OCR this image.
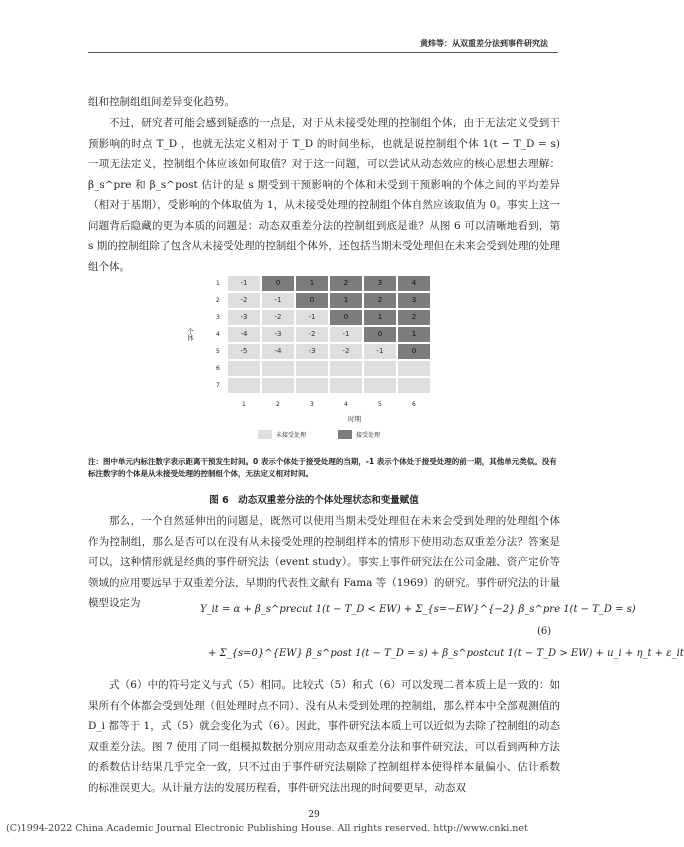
黄炜等：从双重差分法到事件研究法

组和控制组组间差异变化趋势。

不过，研究者可能会感到疑惑的一点是，对于从未接受处理的控制组个体，由于无法定义受到干预影响的时点 T_D ，也就无法定义相对于 T_D 的时间坐标，也就是说控制组个体 1(t − T_D = s) 一项无法定义，控制组个体应该如何取值？对于这一问题，可以尝试从动态效应的核心思想去理解：β_s^pre 和 β_s^post 估计的是 s 期受到干预影响的个体和未受到干预影响的个体之间的平均差异（相对于基期），受影响的个体取值为 1，从未接受处理的控制组个体自然应该取值为 0。事实上这一问题背后隐藏的更为本质的问题是：动态双重差分法的控制组到底是谁？从图 6 可以清晰地看到，第 s 期的控制组除了包含从未接受处理的控制组个体外，还包括当期未受处理但在未来会受到处理的处理组个体。

个体
1	-1	0	1	2	3	4
2	-2	-1	0	1	2	3
3	-3	-2	-1	0	1	2
4	-4	-3	-2	-1	0	1
5	-5	-4	-3	-2	-1	0
6
7
1	2	3	4	5	6
时期
未接受处理	接受处理
注：图中单元内标注数字表示距离干预发生时间。0 表示个体处于接受处理的当期，-1 表示个体处于接受处理的前一期，其他单元类似。没有标注数字的个体是从未接受处理的控制组个体，无法定义相对时间。
图 6　动态双重差分法的个体处理状态和变量赋值

那么，一个自然延伸出的问题是，既然可以使用当期未受处理但在未来会受到处理的处理组个体作为控制组，那么是否可以在没有从未接受处理的控制组样本的情形下使用动态双重差分法？答案是可以，这种情形就是经典的事件研究法（event study）。事实上事件研究法在公司金融、资产定价等领域的应用要远早于双重差分法，早期的代表性文献有 Fama 等（1969）的研究。事件研究法的计量模型设定为

Y_it = α + β_s^precut 1(t − T_D < EW) + Σ_{s=−EW}^{−2} β_s^pre 1(t − T_D = s)
+ Σ_{s=0}^{EW} β_s^post 1(t − T_D = s) + β_s^postcut 1(t − T_D > EW) + u_i + η_t + ε_it
(6)

式（6）中的符号定义与式（5）相同。比较式（5）和式（6）可以发现二者本质上是一致的：如果所有个体都会受到处理（但处理时点不同）、没有从未受到处理的控制组，那么样本中全部观测值的 D_i 都等于 1，式（5）就会变化为式（6）。因此，事件研究法本质上可以近似为去除了控制组的动态双重差分法。图 7 使用了同一组模拟数据分别应用动态双重差分法和事件研究法，可以看到两种方法的系数估计结果几乎完全一致，只不过由于事件研究法剔除了控制组样本使得样本量偏小、估计系数的标准误更大。从计量方法的发展历程看，事件研究法出现的时间要更早，动态双

29
(C)1994-2022 China Academic Journal Electronic Publishing House. All rights reserved. http://www.cnki.net
